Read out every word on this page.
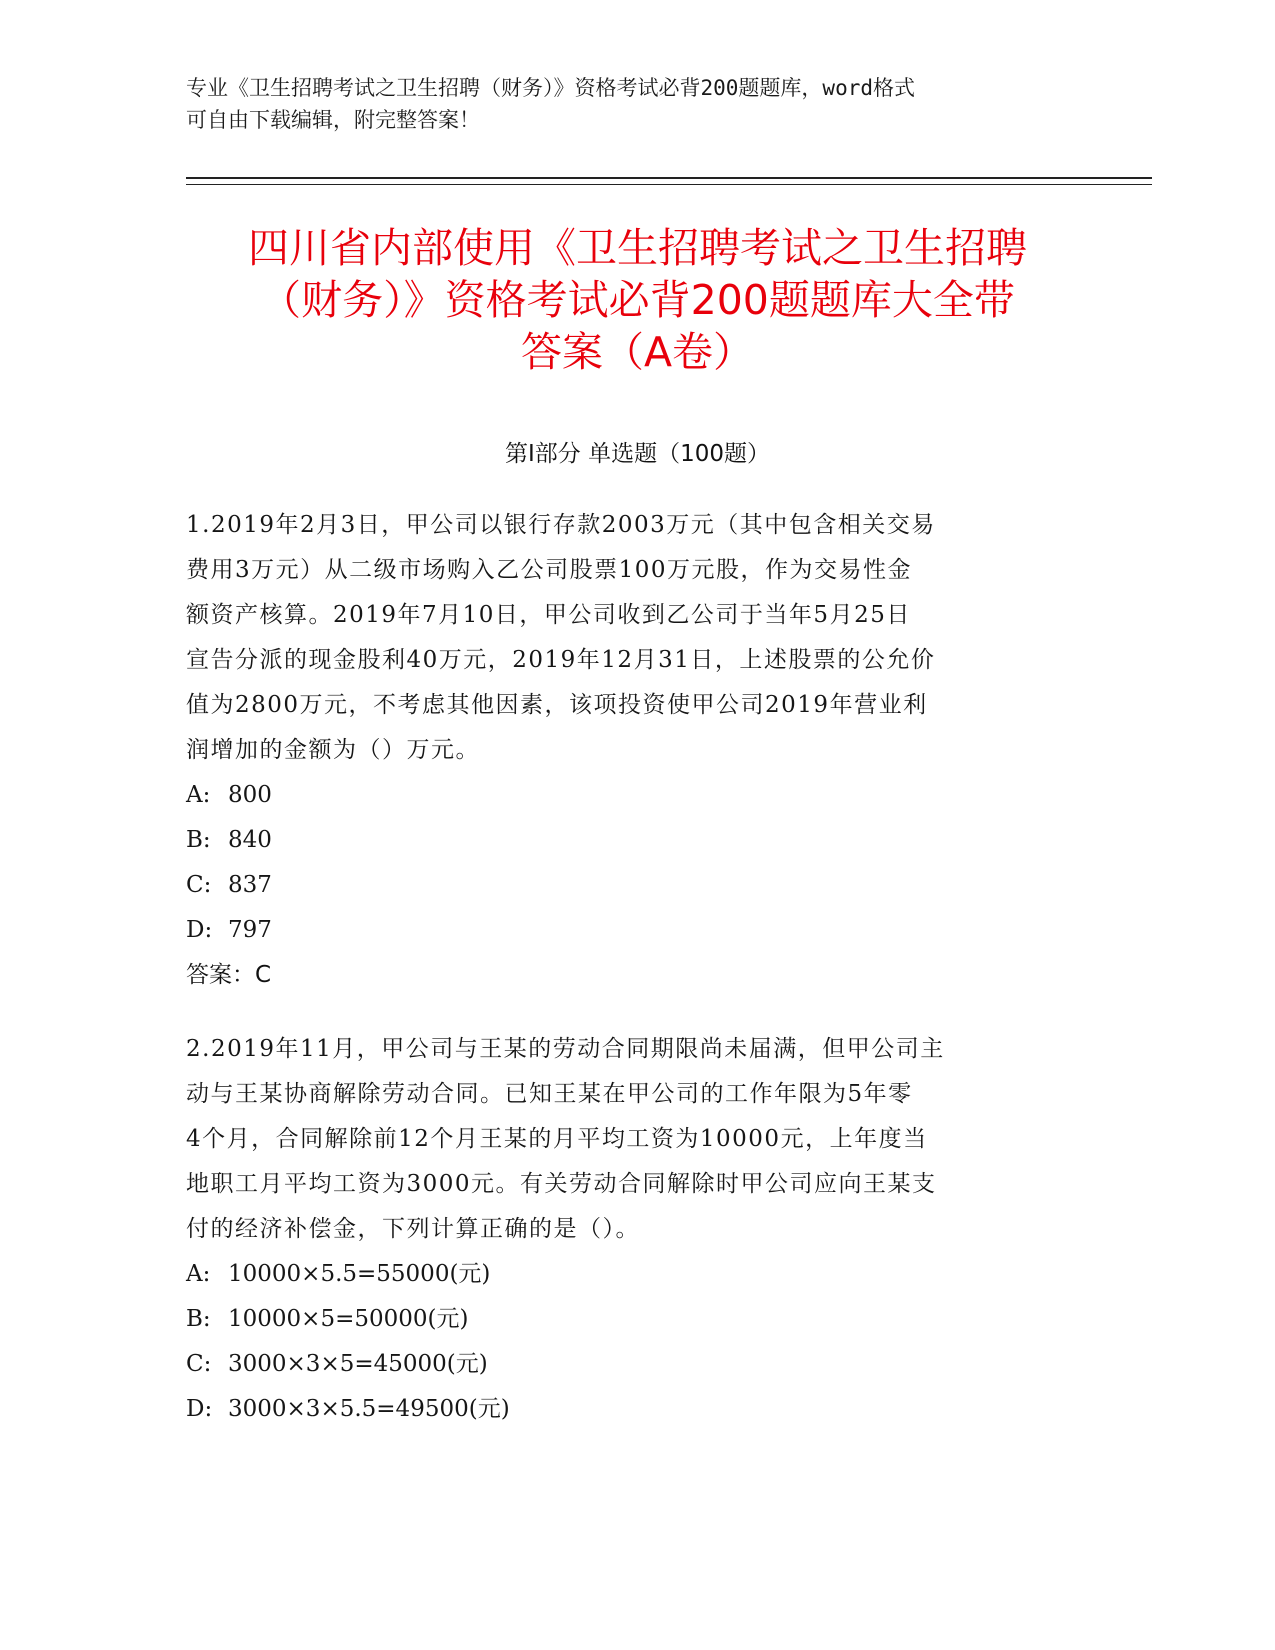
专业《卫生招聘考试之卫生招聘（财务）》资格考试必背200题题库，word格式
可自由下载编辑，附完整答案！
四川省内部使用《卫生招聘考试之卫生招聘
（财务）》资格考试必背200题题库大全带
答案（A卷）
第Ⅰ部分 单选题（100题）
1.2019年2月3日，甲公司以银行存款2003万元（其中包含相关交易
费用3万元）从二级市场购入乙公司股票100万元股，作为交易性金
额资产核算。2019年7月10日，甲公司收到乙公司于当年5月25日
宣告分派的现金股利40万元，2019年12月31日，上述股票的公允价
值为2800万元，不考虑其他因素，该项投资使甲公司2019年营业利
润增加的金额为（）万元。
A: 800
B: 840
C: 837
D: 797
答案：C
2.2019年11月，甲公司与王某的劳动合同期限尚未届满，但甲公司主
动与王某协商解除劳动合同。已知王某在甲公司的工作年限为5年零
4个月，合同解除前12个月王某的月平均工资为10000元，上年度当
地职工月平均工资为3000元。有关劳动合同解除时甲公司应向王某支
付的经济补偿金，下列计算正确的是（）。
A: 10000×5.5=55000(元)
B: 10000×5=50000(元)
C: 3000×3×5=45000(元)
D: 3000×3×5.5=49500(元)
